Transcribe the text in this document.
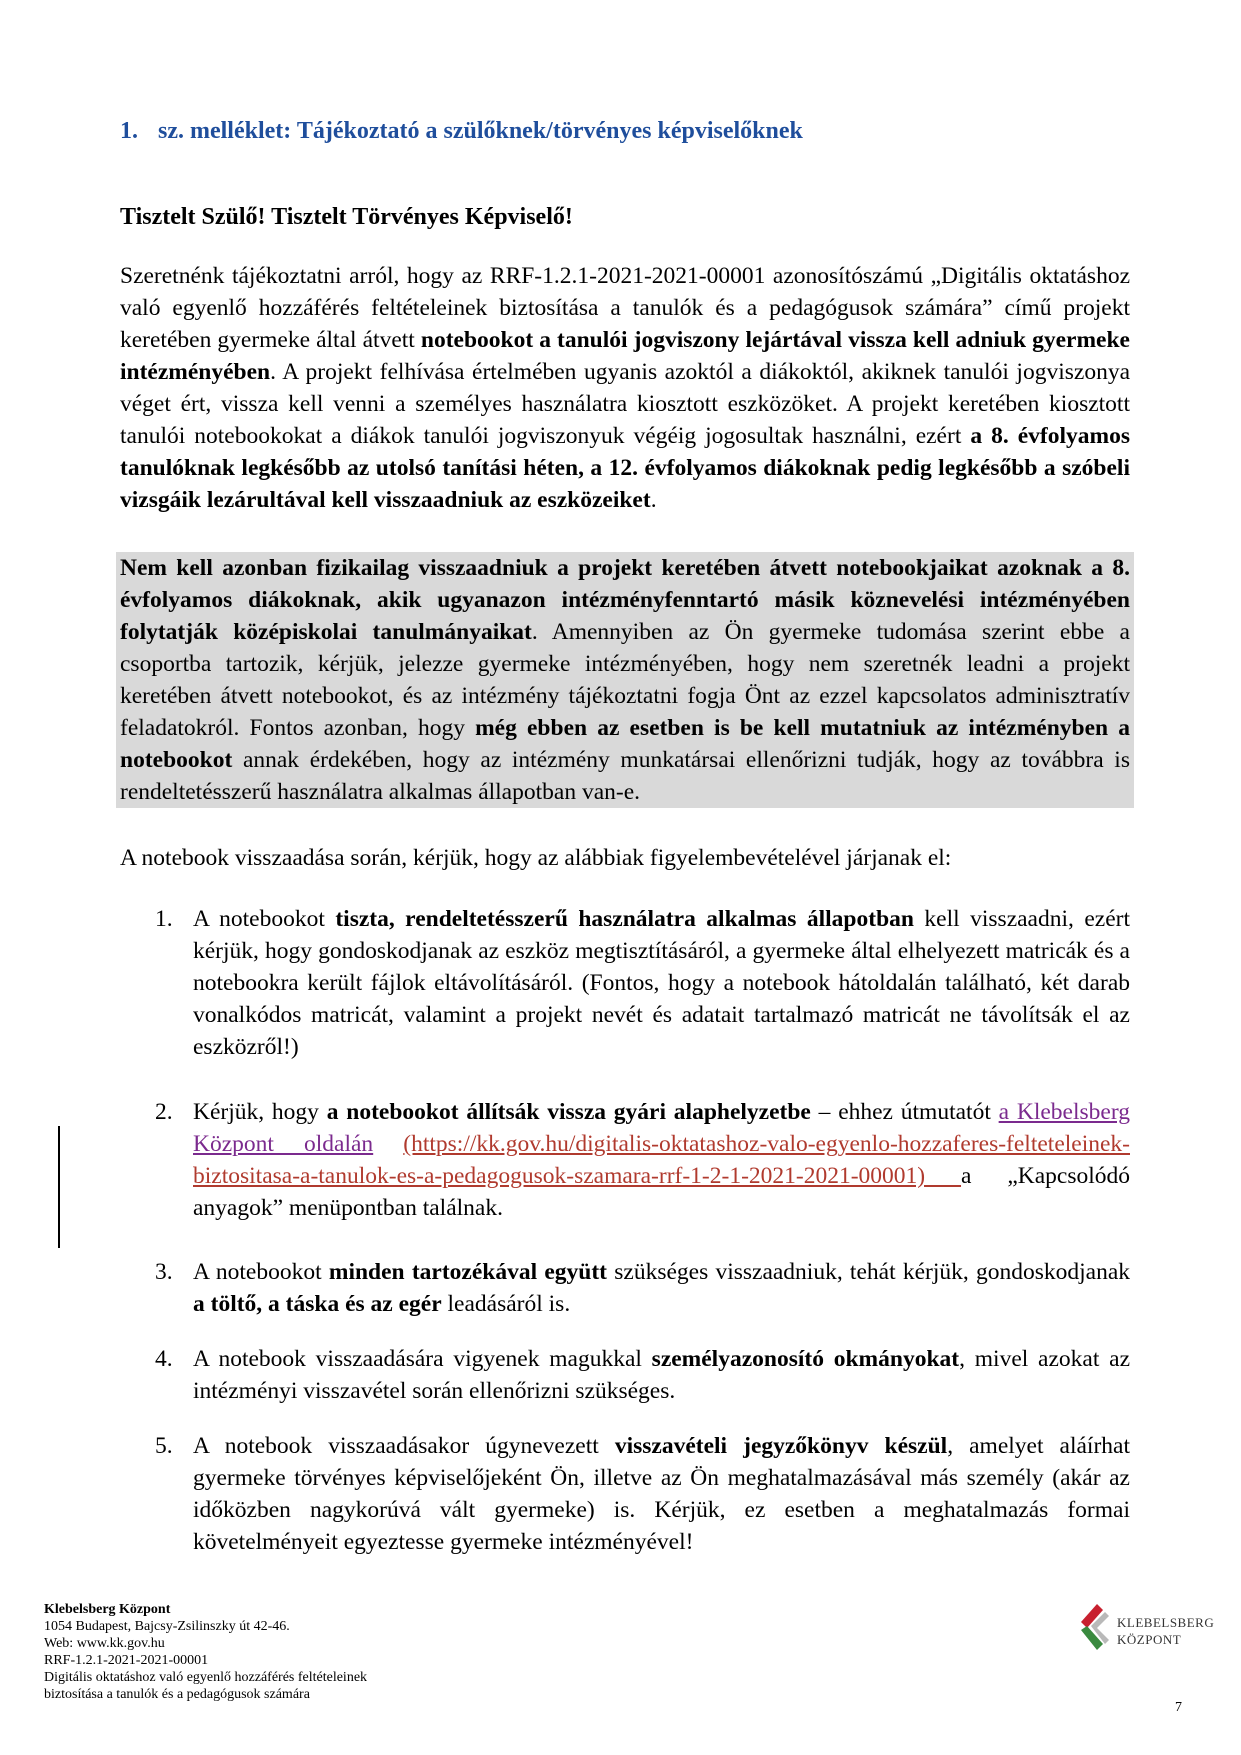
1. sz. melléklet: Tájékoztató a szülőknek/törvényes képviselőknek
Tisztelt Szülő! Tisztelt Törvényes Képviselő!
Szeretnénk tájékoztatni arról, hogy az RRF-1.2.1-2021-2021-00001 azonosítószámú „Digitális oktatáshoz való egyenlő hozzáférés feltételeinek biztosítása a tanulók és a pedagógusok számára” című projekt keretében gyermeke által átvett notebookot a tanulói jogviszony lejártával vissza kell adniuk gyermeke intézményében. A projekt felhívása értelmében ugyanis azoktól a diákoktól, akiknek tanulói jogviszonya véget ért, vissza kell venni a személyes használatra kiosztott eszközöket. A projekt keretében kiosztott tanulói notebookokat a diákok tanulói jogviszonyuk végéig jogosultak használni, ezért a 8. évfolyamos tanulóknak legkésőbb az utolsó tanítási héten, a 12. évfolyamos diákoknak pedig legkésőbb a szóbeli vizsgáik lezárultával kell visszaadniuk az eszközeiket.
Nem kell azonban fizikailag visszaadniuk a projekt keretében átvett notebookjaikat azoknak a 8. évfolyamos diákoknak, akik ugyanazon intézményfenntartó másik köznevelési intézményében folytatják középiskolai tanulmányaikat. Amennyiben az Ön gyermeke tudomása szerint ebbe a csoportba tartozik, kérjük, jelezze gyermeke intézményében, hogy nem szeretnék leadni a projekt keretében átvett notebookot, és az intézmény tájékoztatni fogja Önt az ezzel kapcsolatos adminisztratív feladatokról. Fontos azonban, hogy még ebben az esetben is be kell mutatniuk az intézményben a notebookot annak érdekében, hogy az intézmény munkatársai ellenőrizni tudják, hogy az továbbra is rendeltetésszerű használatra alkalmas állapotban van-e.
A notebook visszaadása során, kérjük, hogy az alábbiak figyelembevételével járjanak el:
1. A notebookot tiszta, rendeltetésszerű használatra alkalmas állapotban kell visszaadni, ezért kérjük, hogy gondoskodjanak az eszköz megtisztításáról, a gyermeke által elhelyezett matricák és a notebookra került fájlok eltávolításáról. (Fontos, hogy a notebook hátoldalán található, két darab vonalkódos matricát, valamint a projekt nevét és adatait tartalmazó matricát ne távolítsák el az eszközről!)
2. Kérjük, hogy a notebookot állítsák vissza gyári alaphelyzetbe – ehhez útmutatót a Klebelsberg Központ oldalán (https://kk.gov.hu/digitalis-oktatashoz-valo-egyenlo-hozzaferes-felteteleinek-biztositasa-a-tanulok-es-a-pedagogusok-szamara-rrf-1-2-1-2021-2021-00001) a „Kapcsolódó anyagok” menüpontban találnak.
3. A notebookot minden tartozékával együtt szükséges visszaadniuk, tehát kérjük, gondoskodjanak a töltő, a táska és az egér leadásáról is.
4. A notebook visszaadására vigyenek magukkal személyazonosító okmányokat, mivel azokat az intézményi visszavétel során ellenőrizni szükséges.
5. A notebook visszaadásakor úgynevezett visszavételi jegyzőkönyv készül, amelyet aláírhat gyermeke törvényes képviselőjeként Ön, illetve az Ön meghatalmazásával más személy (akár az időközben nagykorúvá vált gyermeke) is. Kérjük, ez esetben a meghatalmazás formai követelményeit egyeztesse gyermeke intézményével!
Klebelsberg Központ
1054 Budapest, Bajcsy-Zsilinszky út 42-46.
Web: www.kk.gov.hu
RRF-1.2.1-2021-2021-00001
Digitális oktatáshoz való egyenlő hozzáférés feltételeinek
biztosítása a tanulók és a pedagógusok számára
KLEBELSBERG
KÖZPONT
7
